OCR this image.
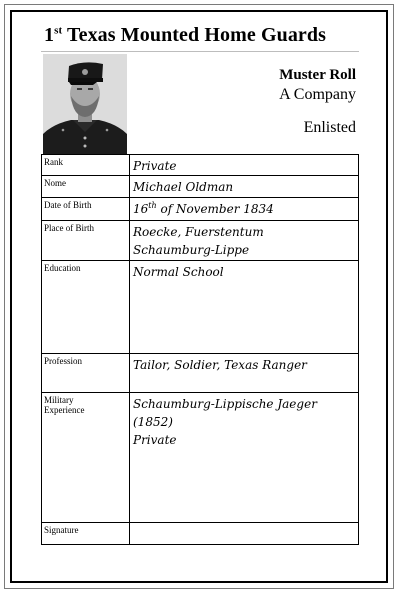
1st Texas Mounted Home Guards
Muster Roll
A Company
Enlisted
Rank	Private
Nome	Michael Oldman
Date of Birth	16th of November 1834

Place of Birth	Roecke, Fuerstentum
Schaumburg-Lippe

Education	Normal School
Profession	Tailor, Soldier, Texas Ranger

Military
Experience	Schaumburg-Lippische Jaeger
(1852)
Private

Signature	
